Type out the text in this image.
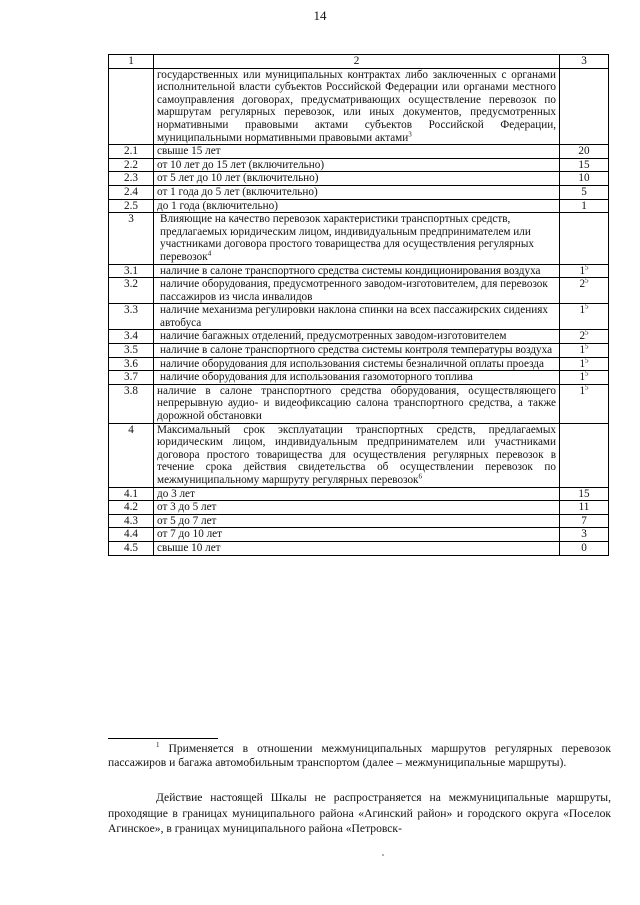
14
1	2	3
	государственных или муниципальных контрактах либо заключенных с органами исполнительной власти субъектов Российской Федерации или органами местного самоуправления договорах, предусматривающих осуществление перевозок по маршрутам регулярных перевозок, или иных документов, предусмотренных нормативными правовыми актами субъектов Российской Федерации, муниципальными нормативными правовыми актами$^3$	
2.1	свыше 15 лет	20
2.2	от 10 лет до 15 лет (включительно)	15
2.3	от 5 лет до 10 лет (включительно)	10
2.4	от 1 года до 5 лет (включительно)	5
2.5	до 1 года (включительно)	1
3	Влияющие на качество перевозок характеристики транспортных средств, предлагаемых юридическим лицом, индивидуальным предпринимателем или участниками договора простого товарищества для осуществления регулярных перевозок$^4$	
3.1	наличие в салоне транспортного средства системы кондиционирования воздуха	$1^5$
3.2	наличие оборудования, предусмотренного заводом-изготовителем, для перевозок пассажиров из числа инвалидов	$2^5$
3.3	наличие механизма регулировки наклона спинки на всех пассажирских сидениях автобуса	$1^5$
3.4	наличие багажных отделений, предусмотренных заводом-изготовителем	$2^5$
3.5	наличие в салоне транспортного средства системы контроля температуры воздуха	$1^5$
3.6	наличие оборудования для использования системы безналичной оплаты проезда	$1^5$
3.7	наличие оборудования для использования газомоторного топлива	$1^5$
3.8	наличие в салоне транспортного средства оборудования, осуществляющего непрерывную аудио- и видеофиксацию салона транспортного средства, а также дорожной обстановки	$1^5$
4	Максимальный срок эксплуатации транспортных средств, предлагаемых юридическим лицом, индивидуальным предпринимателем или участниками договора простого товарищества для осуществления регулярных перевозок в течение срока действия свидетельства об осуществлении перевозок по межмуниципальному маршруту регулярных перевозок$^6$	
4.1	до 3 лет	15
4.2	от 3 до 5 лет	11
4.3	от 5 до 7 лет	7
4.4	от 7 до 10 лет	3
4.5	свыше 10 лет	0

$^1$ Применяется в отношении межмуниципальных маршрутов регулярных перевозок пассажиров и багажа автомобильным транспортом (далее – межмуниципальные маршруты).

Действие настоящей Шкалы не распространяется на межмуниципальные маршруты, проходящие в границах муниципального района «Агинский район» и городского округа «Поселок Агинское», в границах муниципального района «Петровск-
